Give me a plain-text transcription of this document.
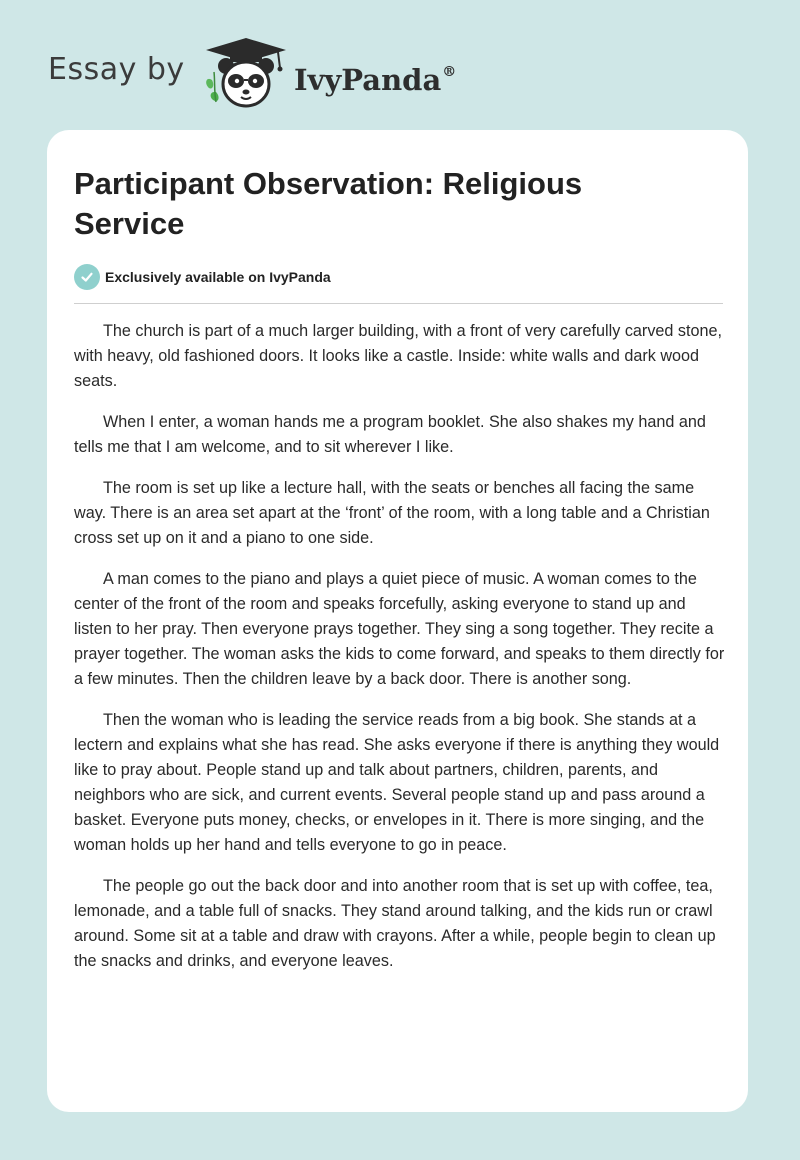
Essay by	IvyPanda®
Participant Observation: Religious Service
Exclusively available on IvyPanda

The church is part of a much larger building, with a front of very carefully carved stone, with heavy, old fashioned doors. It looks like a castle. Inside: white walls and dark wood seats.

When I enter, a woman hands me a program booklet. She also shakes my hand and tells me that I am welcome, and to sit wherever I like.

The room is set up like a lecture hall, with the seats or benches all facing the same way. There is an area set apart at the ‘front’ of the room, with a long table and a Christian cross set up on it and a piano to one side.

A man comes to the piano and plays a quiet piece of music. A woman comes to the center of the front of the room and speaks forcefully, asking everyone to stand up and listen to her pray. Then everyone prays together. They sing a song together. They recite a prayer together. The woman asks the kids to come forward, and speaks to them directly for a few minutes. Then the children leave by a back door. There is another song.

Then the woman who is leading the service reads from a big book. She stands at a lectern and explains what she has read. She asks everyone if there is anything they would like to pray about. People stand up and talk about partners, children, parents, and neighbors who are sick, and current events. Several people stand up and pass around a basket. Everyone puts money, checks, or envelopes in it. There is more singing, and the woman holds up her hand and tells everyone to go in peace.

The people go out the back door and into another room that is set up with coffee, tea, lemonade, and a table full of snacks. They stand around talking, and the kids run or crawl around. Some sit at a table and draw with crayons. After a while, people begin to clean up the snacks and drinks, and everyone leaves.
